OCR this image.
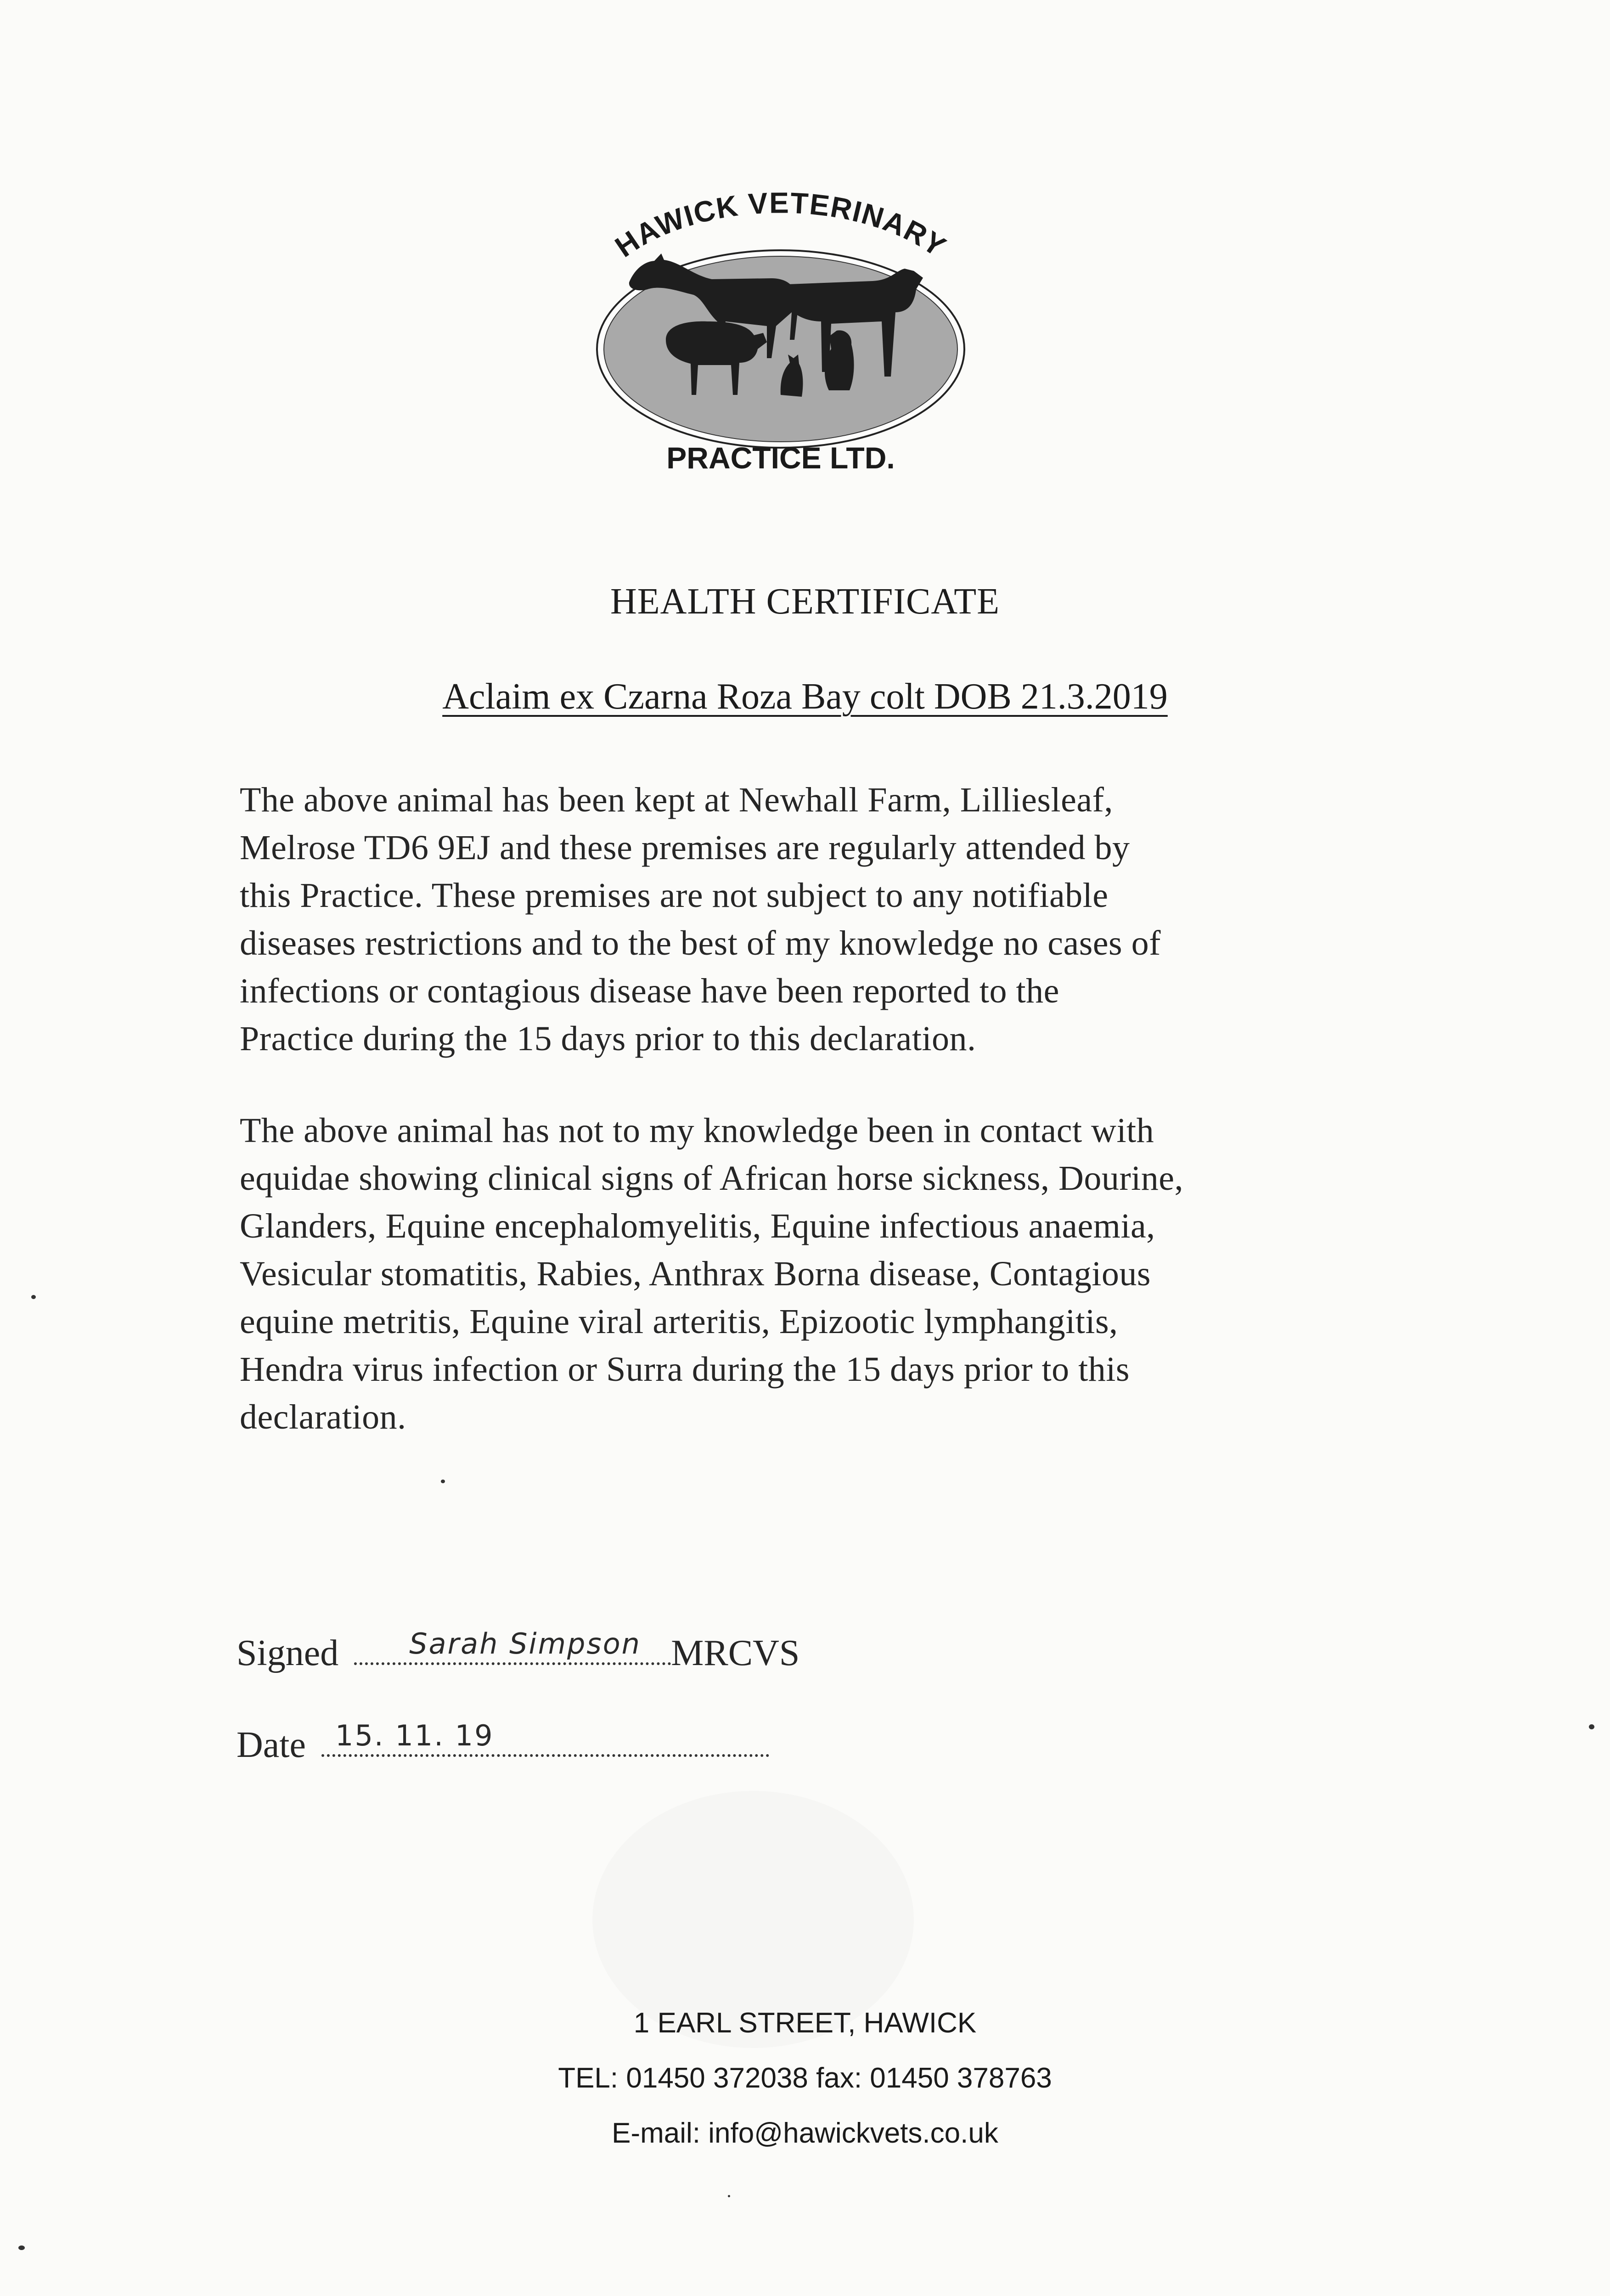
HAWICK VETERINARY
PRACTICE LTD.
HEALTH CERTIFICATE
Aclaim ex Czarna Roza Bay colt DOB 21.3.2019
The above animal has been kept at Newhall Farm, Lilliesleaf,
Melrose TD6 9EJ and these premises are regularly attended by
this Practice. These premises are not subject to any notifiable
diseases restrictions and to the best of my knowledge no cases of
infections or contagious disease have been reported to the
Practice during the 15 days prior to this declaration.
The above animal has not to my knowledge been in contact with
equidae showing clinical signs of African horse sickness, Dourine,
Glanders, Equine encephalomyelitis, Equine infectious anaemia,
Vesicular stomatitis, Rabies, Anthrax Borna disease, Contagious
equine metritis, Equine viral arteritis, Epizootic lymphangitis,
Hendra virus infection or Surra during the 15 days prior to this
declaration.
Signed Sarah Simpson MRCVS
Date 15. 11. 19
1 EARL STREET, HAWICK
TEL: 01450 372038 fax: 01450 378763
E-mail: info@hawickvets.co.uk
